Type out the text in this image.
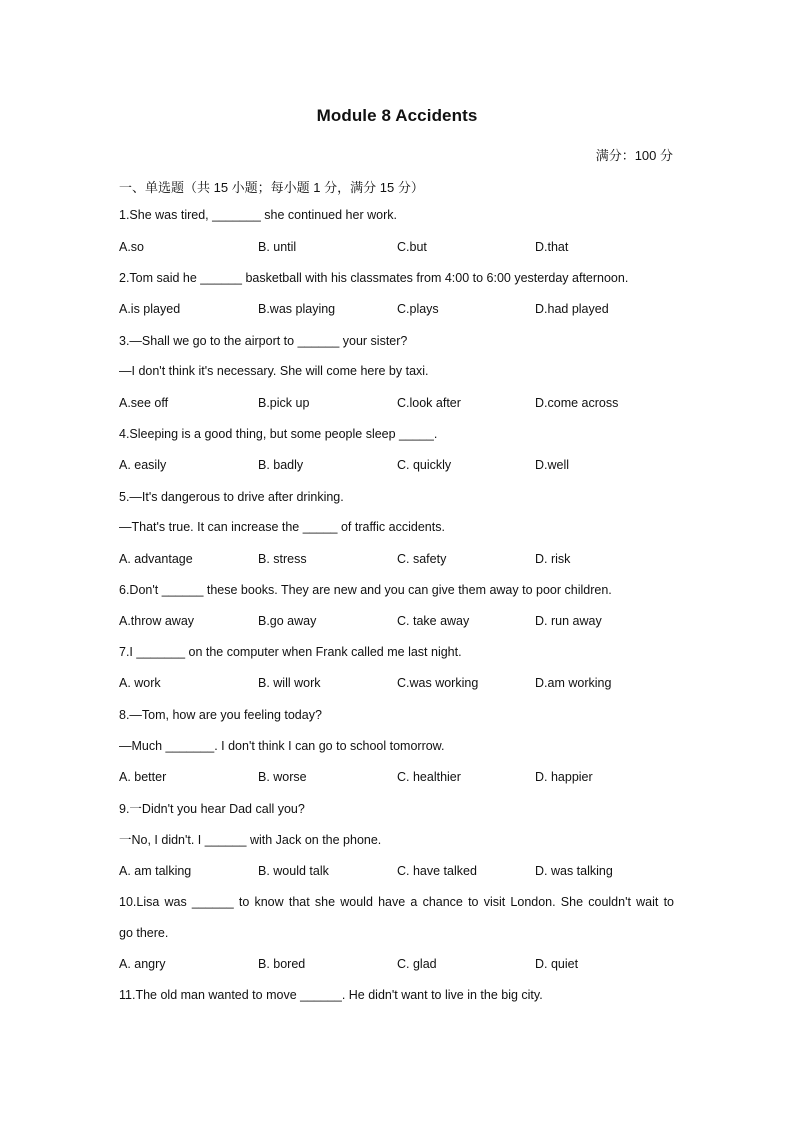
Module 8 Accidents
满分：100 分
一、单选题（共 15 小题；每小题 1 分，满分 15 分）
1.She was tired, _______ she continued her work.
A.so	B. until	C.but	D.that
2.Tom said he ______ basketball with his classmates from 4:00 to 6:00 yesterday afternoon.
A.is played	B.was playing	C.plays	D.had played
3.—Shall we go to the airport to ______ your sister?
—I don't think it's necessary. She will come here by taxi.
A.see off	B.pick up	C.look after	D.come across
4.Sleeping is a good thing, but some people sleep _____.
A. easily	B. badly	C. quickly	D.well
5.—It's dangerous to drive after drinking.
—That's true. It can increase the _____ of traffic accidents.
A. advantage	B. stress	C. safety	D. risk
6.Don't ______ these books. They are new and you can give them away to poor children.
A.throw away	B.go away	C. take away	D. run away
7.I _______ on the computer when Frank called me last night.
A. work	B. will work	C.was working	D.am working
8.—Tom, how are you feeling today?
—Much _______. I don't think I can go to school tomorrow.
A. better	B. worse	C. healthier	D. happier
9.一Didn't you hear Dad call you?
一No, I didn't. I ______ with Jack on the phone.
A. am talking	B. would talk	C. have talked	D. was talking
10.Lisa was ______ to know that she would have a chance to visit London. She couldn't wait to
go there.
A. angry	B. bored	C. glad	D. quiet
11.The old man wanted to move ______. He didn't want to live in the big city.
